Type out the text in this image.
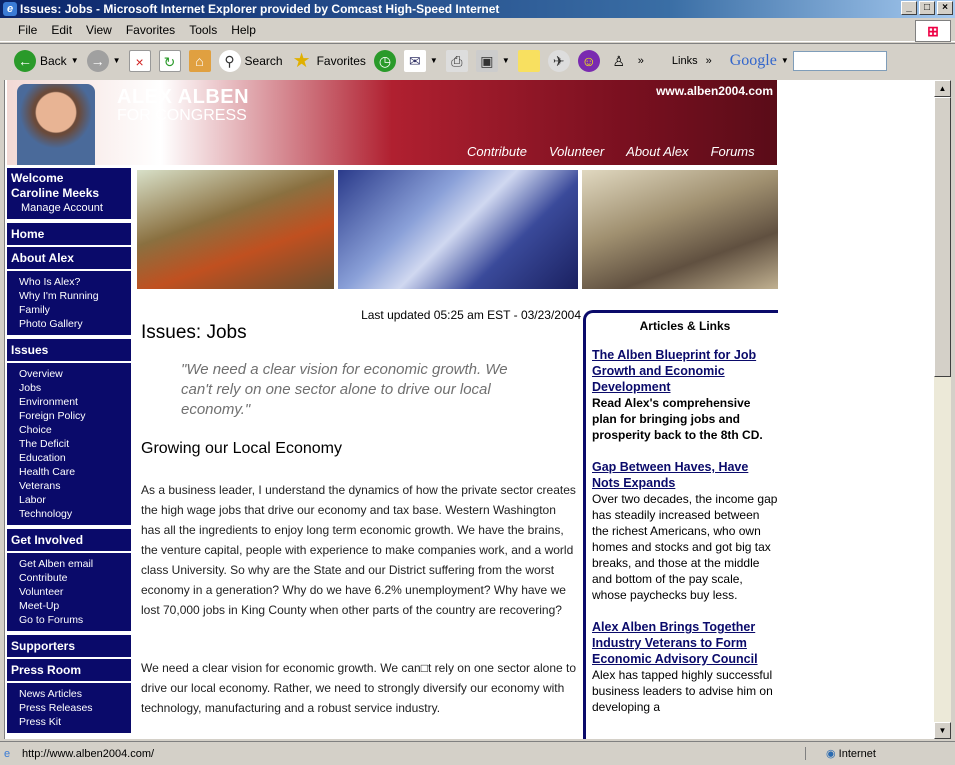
e Issues: Jobs - Microsoft Internet Explorer provided by Comcast High-Speed Internet	_	□	×
File Edit View Favorites Tools Help	⊞
← Back ▼ →	▼	×	↻	⌂	⚲ Search ★ Favorites ◷	✉	▼ ⎙	▣	▼	✈	☺	♙	»	Links » Google ▼
ALEX ALBEN
FOR CONGRESS
www.alben2004.com
Contribute Volunteer About Alex Forums
Welcome
Caroline Meeks
Manage Account
Home
About Alex
Who Is Alex?
Why I'm Running
Family
Photo Gallery
Issues
Overview
Jobs
Environment
Foreign Policy
Choice
The Deficit
Education
Health Care
Veterans
Labor
Technology
Get Involved
Get Alben email
Contribute
Volunteer
Meet-Up
Go to Forums
Supporters
Press Room
News Articles
Press Releases
Press Kit
Last updated 05:25 am EST - 03/23/2004
Issues: Jobs
"We need a clear vision for economic growth. We can't rely on one sector alone to drive our local economy."
Growing our Local Economy
As a business leader, I understand the dynamics of how the private sector creates the high wage jobs that drive our economy and tax base. Western Washington has all the ingredients to enjoy long term economic growth. We have the brains, the venture capital, people with experience to make companies work, and a world class University. So why are the State and our District suffering from the worst economy in a generation? Why do we have 6.2% unemployment? Why have we lost 70,000 jobs in King County when other parts of the country are recovering?
We need a clear vision for economic growth. We can□t rely on one sector alone to drive our local economy. Rather, we need to strongly diversify our economy with technology, manufacturing and a robust service industry.
Articles & Links
The Alben Blueprint for Job Growth and Economic Development
Read Alex's comprehensive plan for bringing jobs and prosperity back to the 8th CD.
Gap Between Haves, Have Nots Expands
Over two decades, the income gap has steadily increased between the richest Americans, who own homes and stocks and got big tax breaks, and those at the middle and bottom of the pay scale, whose paychecks buy less.
Alex Alben Brings Together Industry Veterans to Form Economic Advisory Council
Alex has tapped highly successful business leaders to advise him on developing a
▲
▼
e http://www.alben2004.com/	◉ Internet
